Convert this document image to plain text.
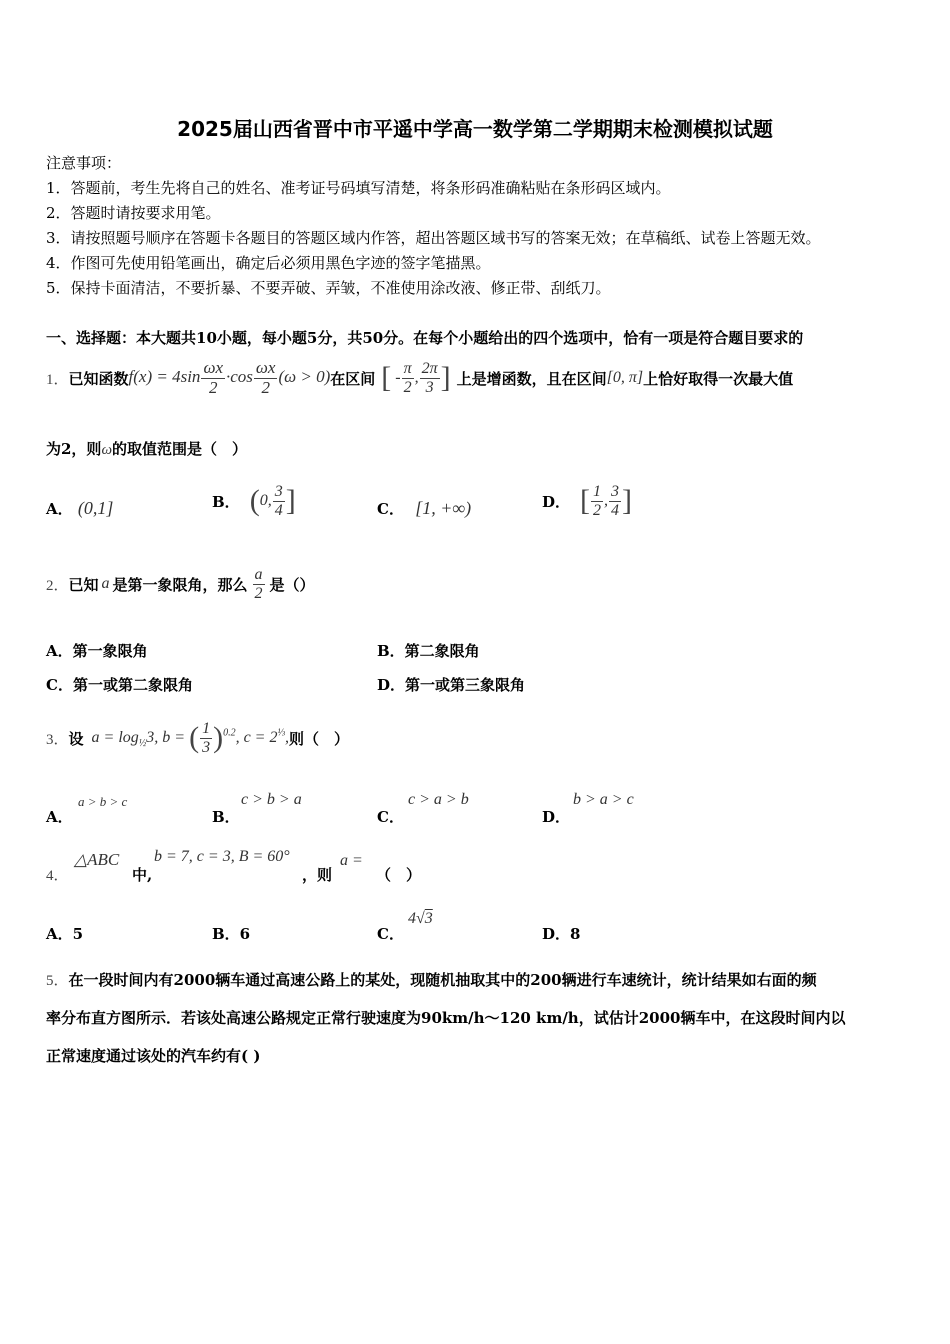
2025届山西省晋中市平遥中学高一数学第二学期期末检测模拟试题
注意事项：
1．答题前，考生先将自己的姓名、准考证号码填写清楚，将条形码准确粘贴在条形码区域内。
2．答题时请按要求用笔。
3．请按照题号顺序在答题卡各题目的答题区域内作答，超出答题区域书写的答案无效；在草稿纸、试卷上答题无效。
4．作图可先使用铅笔画出，确定后必须用黑色字迹的签字笔描黑。
5．保持卡面清洁，不要折暴、不要弄破、弄皱，不准使用涂改液、修正带、刮纸刀。
一、选择题：本大题共10小题，每小题5分，共50分。在每个小题给出的四个选项中，恰有一项是符合题目要求的
1． 已知函数 $f(x) = 4\sin \frac{\omega x}{2} \cdot\cos \frac{\omega x}{2} (\omega > 0)$ 在区间 [ - $\frac{\pi}{2}$ , $\frac{2\pi}{3}$ ] 上是增函数，且在区间 [0, π] 上恰好取得一次最大值
为2，则ω的取值范围是（　）
A． (0,1]	B． (0, $\frac{3}{4}$ ]	C． [1, +∞)	D． [ $\frac{1}{2}$ , $\frac{3}{4}$ ]
2． 已知 a 是第一象限角，那么 $\frac{a}{2}$ 是（）
A．第一象限角	B．第二象限角
C．第一或第二象限角	D．第一或第三象限角
3． 设 $a = \log_{\frac{1}{2}}3$, b = ( $\frac{1}{3} )^{0.2}$, $c = 2^{\frac{1}{3}}$, 则（　）
A．
a > b > c
B．
c > b > a
C．
c > a > b
D．
b > a > c
4．
△ABC
中,
b = 7, c = 3, B = 60°
，则
a =
（　）
A．5	B．6	C．
4√3
D．8
5．在一段时间内有2000辆车通过高速公路上的某处，现随机抽取其中的200辆进行车速统计，统计结果如右面的频
率分布直方图所示．若该处高速公路规定正常行驶速度为90km/h～120 km/h，试估计2000辆车中，在这段时间内以
正常速度通过该处的汽车约有( )
